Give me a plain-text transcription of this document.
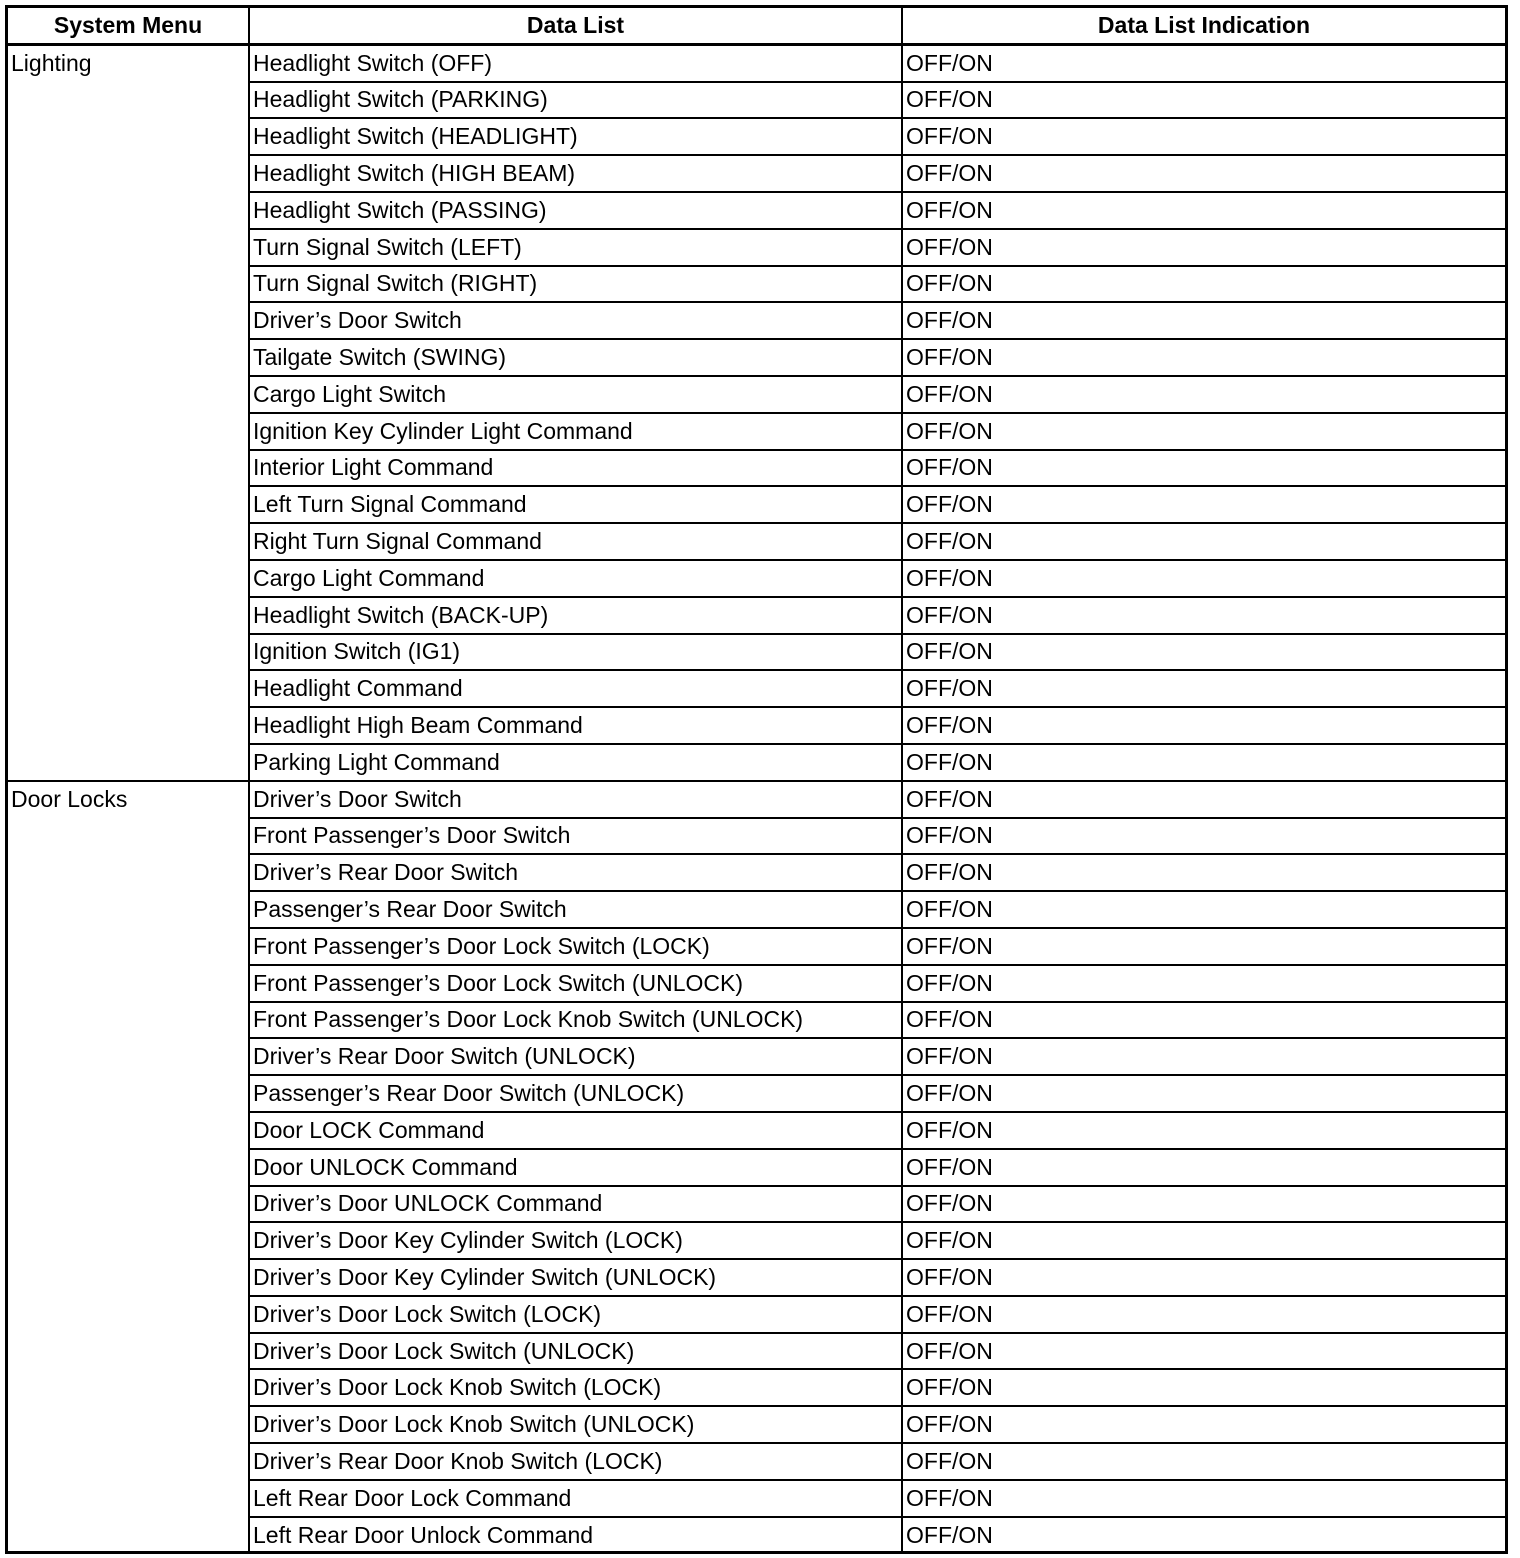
System Menu	Data List	Data List Indication
Lighting	Headlight Switch (OFF)	OFF/ON
	Headlight Switch (PARKING)	OFF/ON
	Headlight Switch (HEADLIGHT)	OFF/ON
	Headlight Switch (HIGH BEAM)	OFF/ON
	Headlight Switch (PASSING)	OFF/ON
	Turn Signal Switch (LEFT)	OFF/ON
	Turn Signal Switch (RIGHT)	OFF/ON
	Driver’s Door Switch	OFF/ON
	Tailgate Switch (SWING)	OFF/ON
	Cargo Light Switch	OFF/ON
	Ignition Key Cylinder Light Command	OFF/ON
	Interior Light Command	OFF/ON
	Left Turn Signal Command	OFF/ON
	Right Turn Signal Command	OFF/ON
	Cargo Light Command	OFF/ON
	Headlight Switch (BACK-UP)	OFF/ON
	Ignition Switch (IG1)	OFF/ON
	Headlight Command	OFF/ON
	Headlight High Beam Command	OFF/ON
	Parking Light Command	OFF/ON
Door Locks	Driver’s Door Switch	OFF/ON
	Front Passenger’s Door Switch	OFF/ON
	Driver’s Rear Door Switch	OFF/ON
	Passenger’s Rear Door Switch	OFF/ON
	Front Passenger’s Door Lock Switch (LOCK)	OFF/ON
	Front Passenger’s Door Lock Switch (UNLOCK)	OFF/ON
	Front Passenger’s Door Lock Knob Switch (UNLOCK)	OFF/ON
	Driver’s Rear Door Switch (UNLOCK)	OFF/ON
	Passenger’s Rear Door Switch (UNLOCK)	OFF/ON
	Door LOCK Command	OFF/ON
	Door UNLOCK Command	OFF/ON
	Driver’s Door UNLOCK Command	OFF/ON
	Driver’s Door Key Cylinder Switch (LOCK)	OFF/ON
	Driver’s Door Key Cylinder Switch (UNLOCK)	OFF/ON
	Driver’s Door Lock Switch (LOCK)	OFF/ON
	Driver’s Door Lock Switch (UNLOCK)	OFF/ON
	Driver’s Door Lock Knob Switch (LOCK)	OFF/ON
	Driver’s Door Lock Knob Switch (UNLOCK)	OFF/ON
	Driver’s Rear Door Knob Switch (LOCK)	OFF/ON
	Left Rear Door Lock Command	OFF/ON
	Left Rear Door Unlock Command	OFF/ON
